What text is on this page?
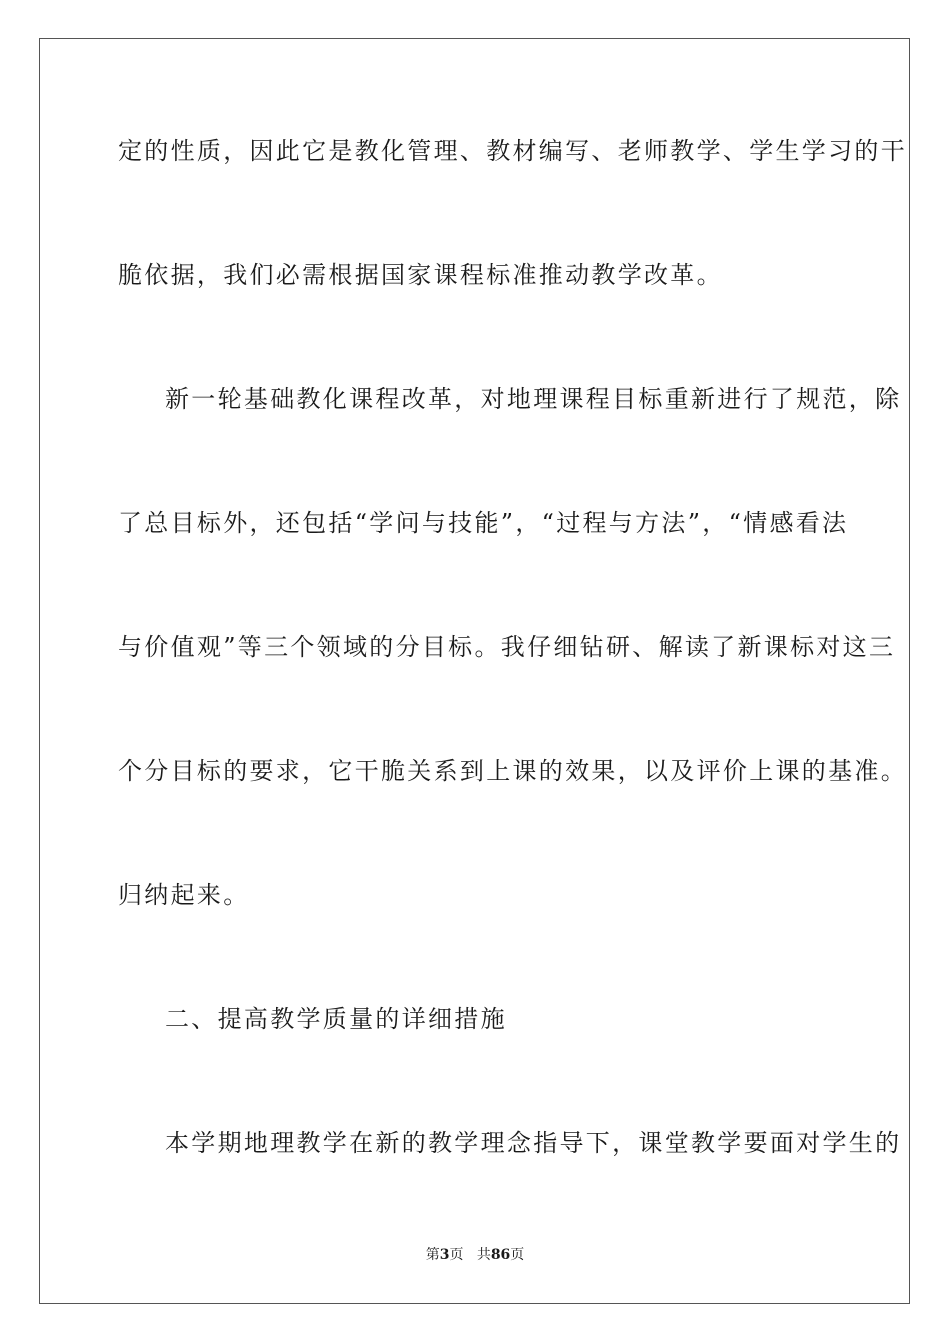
定的性质，因此它是教化管理、教材编写、老师教学、学生学习的干
脆依据，我们必需根据国家课程标准推动教学改革。
新一轮基础教化课程改革，对地理课程目标重新进行了规范，除
了总目标外，还包括“学问与技能”，“过程与方法”，“情感看法
与价值观”等三个领域的分目标。我仔细钻研、解读了新课标对这三
个分目标的要求，它干脆关系到上课的效果，以及评价上课的基准。
归纳起来。
二、提高教学质量的详细措施
本学期地理教学在新的教学理念指导下，课堂教学要面对学生的
第3页 共86页
